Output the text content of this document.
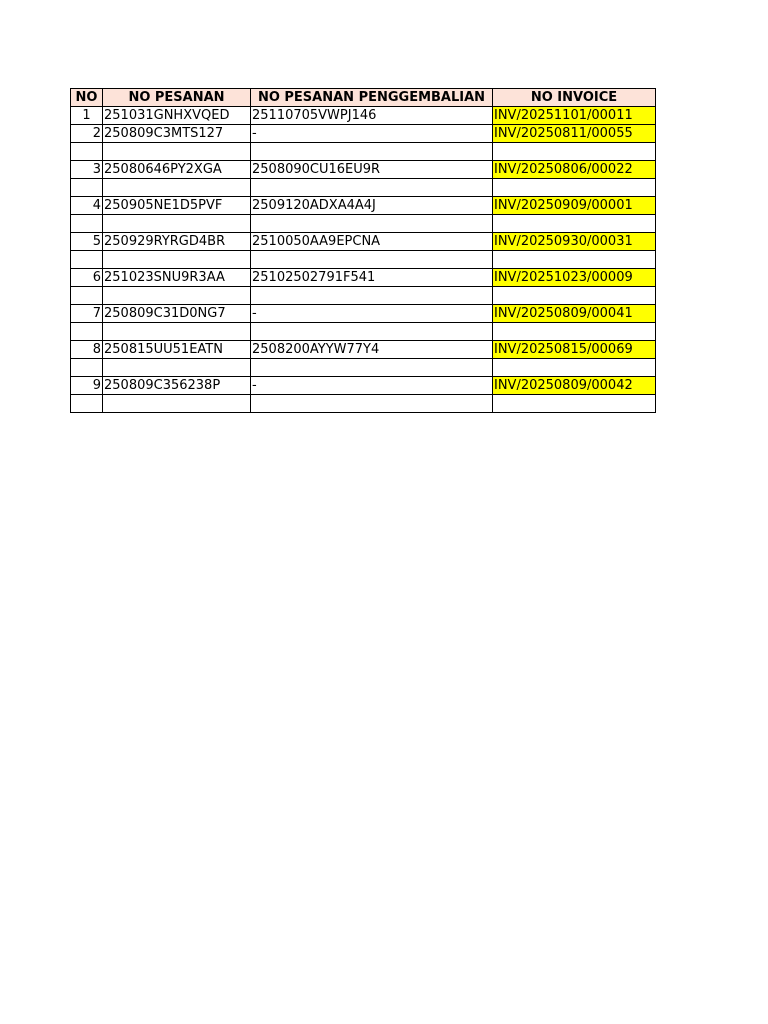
NO	NO PESANAN	NO PESANAN PENGGEMBALIAN	NO INVOICE
1	251031GNHXVQED	25110705VWPJ146	INV/20251101/00011
2	250809C3MTS127	-	INV/20250811/00055

3	25080646PY2XGA	2508090CU16EU9R	INV/20250806/00022

4	250905NE1D5PVF	2509120ADXA4A4J	INV/20250909/00001

5	250929RYRGD4BR	2510050AA9EPCNA	INV/20250930/00031

6	251023SNU9R3AA	25102502791F541	INV/20251023/00009

7	250809C31D0NG7	-	INV/20250809/00041

8	250815UU51EATN	2508200AYYW77Y4	INV/20250815/00069

9	250809C356238P	-	INV/20250809/00042
